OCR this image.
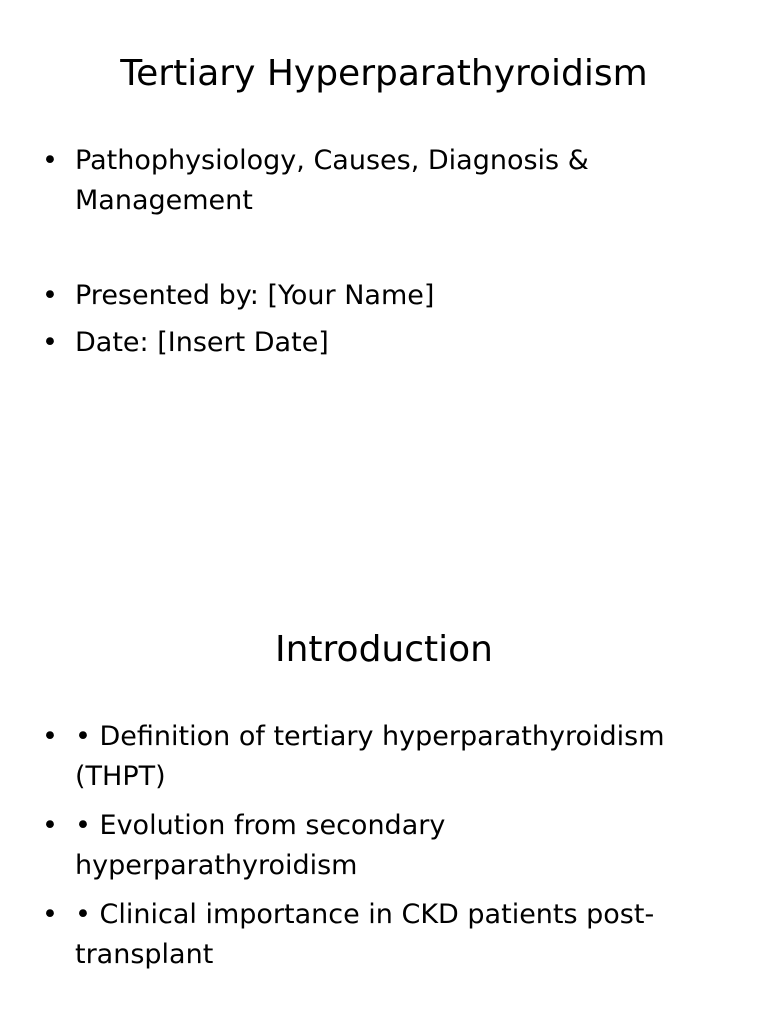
Tertiary Hyperparathyroidism
• Pathophysiology, Causes, Diagnosis & Management
• Presented by: [Your Name]
• Date: [Insert Date]
Introduction
• • Definition of tertiary hyperparathyroidism (THPT)
• • Evolution from secondary hyperparathyroidism
• • Clinical importance in CKD patients post-transplant
